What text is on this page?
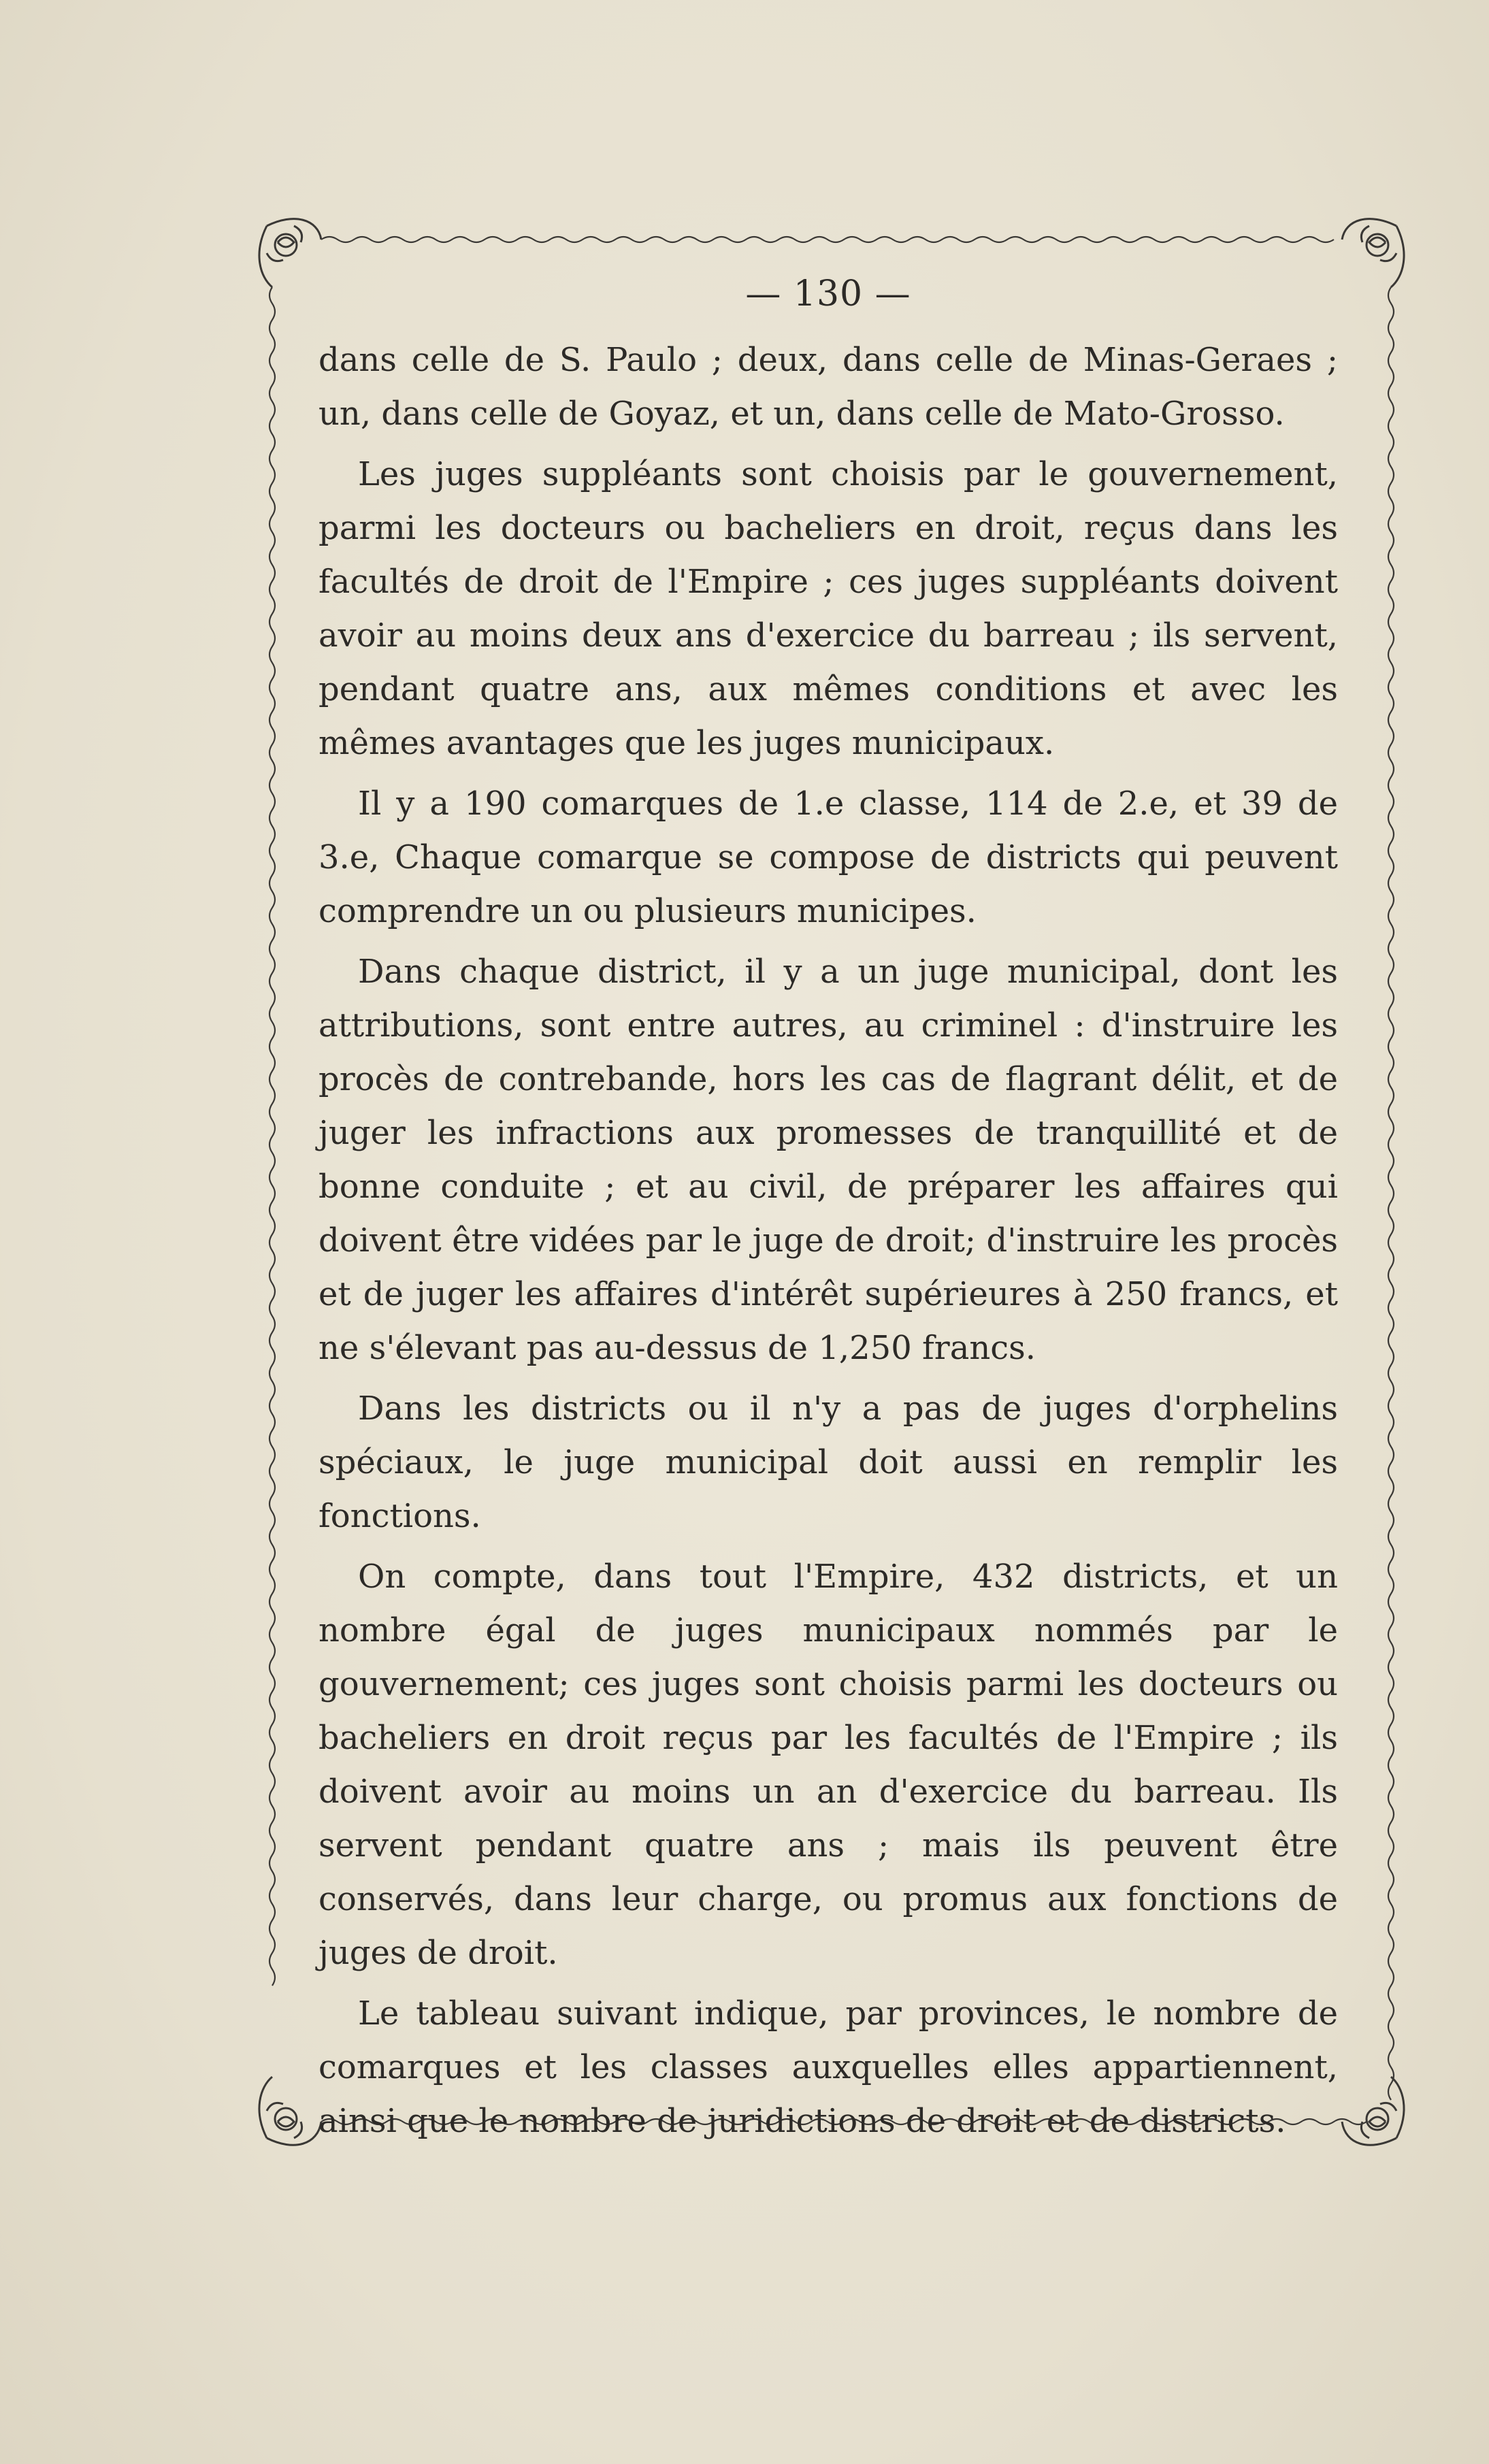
— 130 —

dans celle de S. Paulo ; deux, dans celle de Minas-Geraes ; un, dans celle de Goyaz, et un, dans celle de Mato-Grosso.

Les juges suppléants sont choisis par le gouvernement, parmi les docteurs ou bacheliers en droit, reçus dans les facultés de droit de l'Empire ; ces juges suppléants doivent avoir au moins deux ans d'exercice du barreau ; ils servent, pendant quatre ans, aux mêmes conditions et avec les mêmes avantages que les juges municipaux.

Il y a 190 comarques de 1.e classe, 114 de 2.e, et 39 de 3.e, Chaque comarque se compose de districts qui peuvent comprendre un ou plusieurs municipes.

Dans chaque district, il y a un juge municipal, dont les attributions, sont entre autres, au criminel : d'instruire les procès de contrebande, hors les cas de flagrant délit, et de juger les infractions aux promesses de tranquillité et de bonne conduite ; et au civil, de préparer les affaires qui doivent être vidées par le juge de droit; d'instruire les procès et de juger les affaires d'intérêt supérieures à 250 francs, et ne s'élevant pas au-dessus de 1,250 francs.

Dans les districts ou il n'y a pas de juges d'orphelins spéciaux, le juge municipal doit aussi en remplir les fonctions.

On compte, dans tout l'Empire, 432 districts, et un nombre égal de juges municipaux nommés par le gouvernement; ces juges sont choisis parmi les docteurs ou bacheliers en droit reçus par les facultés de l'Empire ; ils doivent avoir au moins un an d'exercice du barreau. Ils servent pendant quatre ans ; mais ils peuvent être conservés, dans leur charge, ou promus aux fonctions de juges de droit.

Le tableau suivant indique, par provinces, le nombre de comarques et les classes auxquelles elles appartiennent, ainsi que le nombre de juridictions de droit et de districts.
